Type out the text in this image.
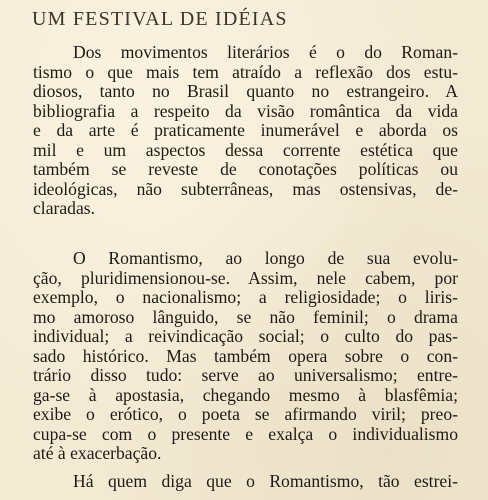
UM FESTIVAL DE IDÉIAS
Dos movimentos literários é o do Roman-
tismo o que mais tem atraído a reflexão dos estu-
diosos, tanto no Brasil quanto no estrangeiro. A
bibliografia a respeito da visão romântica da vida
e da arte é praticamente inumerável e aborda os
mil e um aspectos dessa corrente estética que
também se reveste de conotações políticas ou
ideológicas, não subterrâneas, mas ostensivas, de-
claradas.
O Romantismo, ao longo de sua evolu-
ção, pluridimensionou-se. Assim, nele cabem, por
exemplo, o nacionalismo; a religiosidade; o liris-
mo amoroso lânguido, se não feminil; o drama
individual; a reivindicação social; o culto do pas-
sado histórico. Mas também opera sobre o con-
trário disso tudo: serve ao universalismo; entre-
ga-se à apostasia, chegando mesmo à blasfêmia;
exibe o erótico, o poeta se afirmando viril; preo-
cupa-se com o presente e exalça o individualismo
até à exacerbação.
Há quem diga que o Romantismo, tão estrei-
